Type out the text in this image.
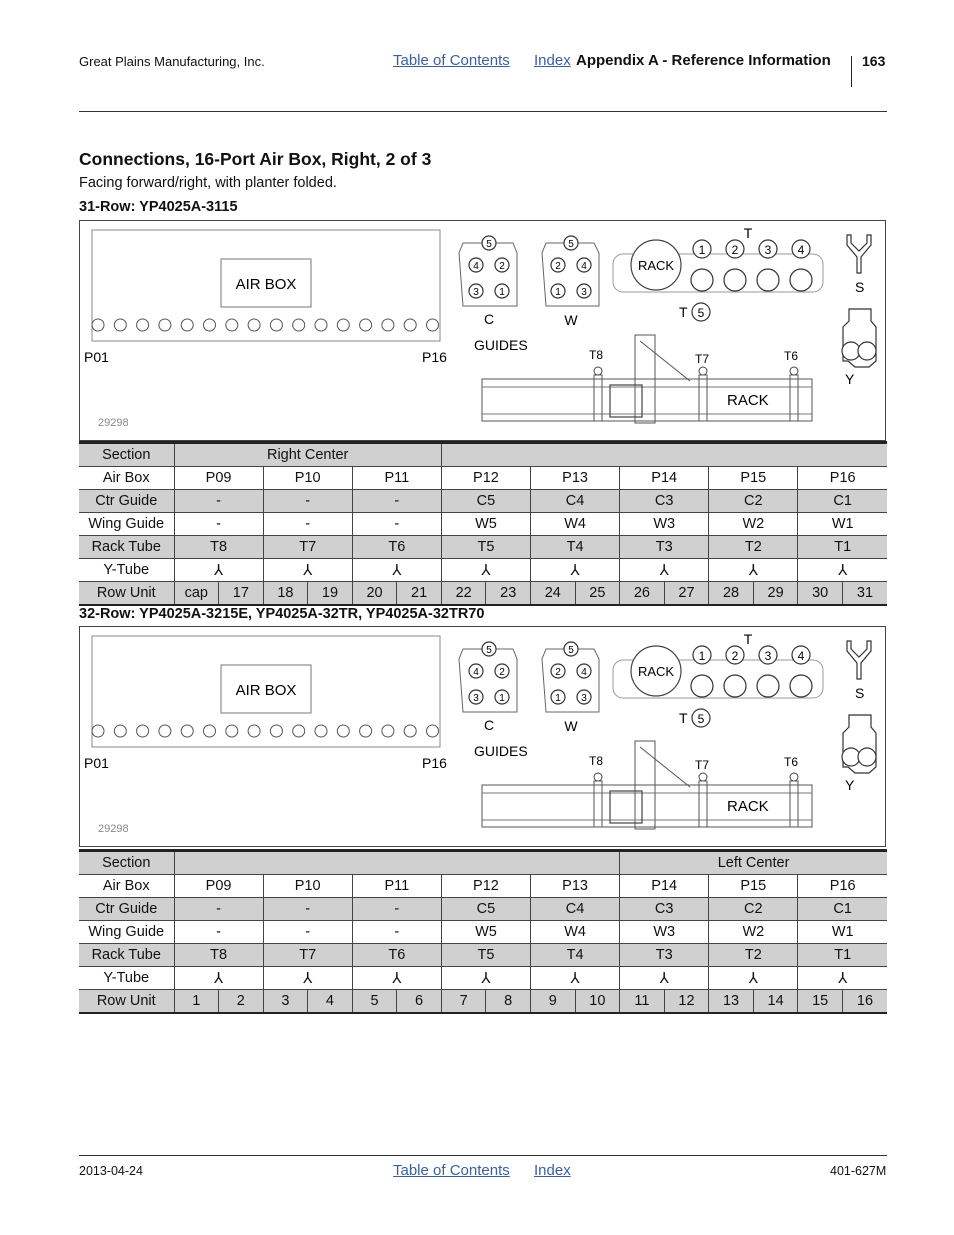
Great Plains Manufacturing, Inc.	Table of Contents Index Appendix A - Reference Information 163
Connections, 16-Port Air Box, Right, 2 of 3
Facing forward/right, with planter folded.
31-Row: YP4025A-3115
AIR BOX
P01	P16
5
4 2
3 1
C
5
2 4
1 3
W
GUIDES
RACK
1 2 3 4
T
T 5
S
Y
T8	T7	T6
RACK
29298
Section	Right Center															
Air Box	P09		P10		P11		P12		P13		P14		P15		P16	
Ctr Guide	-		-		-		C5		C4		C3		C2		C1	
Wing Guide	-		-		-		W5		W4		W3		W2		W1	
Rack Tube	T8		T7		T6		T5		T4		T3		T2		T1	
Y-Tube	⅄		⅄		⅄		⅄		⅄		⅄		⅄		⅄	
Row Unit	cap	17	18	19	20	21	22	23	24	25	26	27	28	29	30	31
32-Row: YP4025A-3215E, YP4025A-32TR, YP4025A-32TR70
AIR BOX
P01	P16
5
4 2
3 1
C
5
2 4
1 3
W
GUIDES
RACK
1 2 3 4
T
T 5
S
Y
T8	T7	T6
RACK
29298
Section											Left Center					
Air Box	P09		P10		P11		P12		P13		P14		P15		P16	
Ctr Guide	-		-		-		C5		C4		C3		C2		C1	
Wing Guide	-		-		-		W5		W4		W3		W2		W1	
Rack Tube	T8		T7		T6		T5		T4		T3		T2		T1	
Y-Tube	⅄		⅄		⅄		⅄		⅄		⅄		⅄		⅄	
Row Unit	1	2	3	4	5	6	7	8	9	10	11	12	13	14	15	16
2013-04-24	Table of Contents Index	401-627M
